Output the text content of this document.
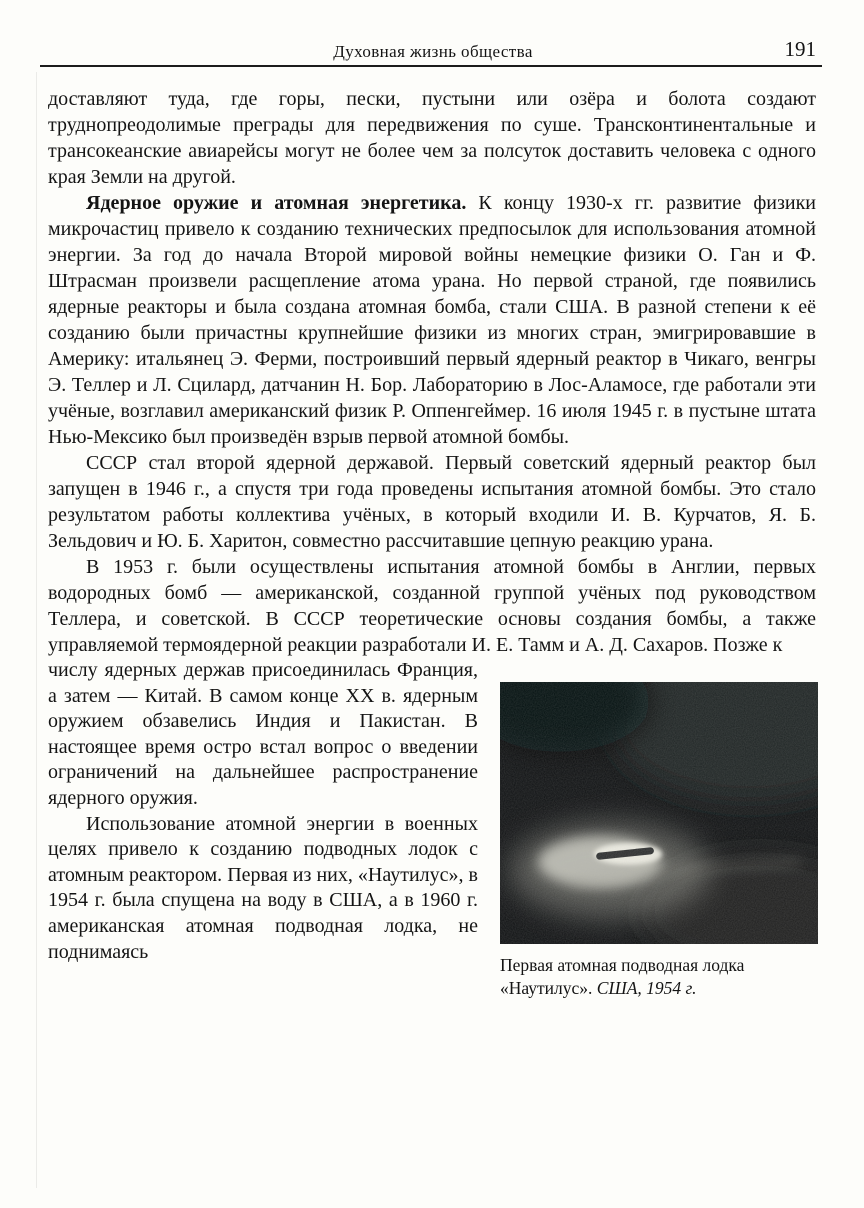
Духовная жизнь общества	191

доставляют туда, где горы, пески, пустыни или озёра и болота создают труднопреодолимые преграды для передвижения по суше. Трансконтинентальные и трансокеанские авиарейсы могут не более чем за полсуток доставить человека с одного края Земли на другой.

Ядерное оружие и атомная энергетика. К концу 1930-х гг. развитие физики микрочастиц привело к созданию технических предпосылок для использования атомной энергии. За год до начала Второй мировой войны немецкие физики О. Ган и Ф. Штрасман произвели расщепление атома урана. Но первой страной, где появились ядерные реакторы и была создана атомная бомба, стали США. В разной степени к её созданию были причастны крупнейшие физики из многих стран, эмигрировавшие в Америку: итальянец Э. Ферми, построивший первый ядерный реактор в Чикаго, венгры Э. Теллер и Л. Сцилард, датчанин Н. Бор. Лабораторию в Лос-Аламосе, где работали эти учёные, возглавил американский физик Р. Оппенгеймер. 16 июля 1945 г. в пустыне штата Нью-Мексико был произведён взрыв первой атомной бомбы.

СССР стал второй ядерной державой. Первый советский ядерный реактор был запущен в 1946 г., а спустя три года проведены испытания атомной бомбы. Это стало результатом работы коллектива учёных, в который входили И. В. Курчатов, Я. Б. Зельдович и Ю. Б. Харитон, совместно рассчитавшие цепную реакцию урана.

В 1953 г. были осуществлены испытания атомной бомбы в Англии, первых водородных бомб — американской, созданной группой учёных под руководством Теллера, и советской. В СССР теоретические основы создания бомбы, а также управляемой термоядерной реакции разработали И. Е. Тамм и А. Д. Сахаров. Позже к

числу ядерных держав присоединилась Франция, а затем — Китай. В самом конце XX в. ядерным оружием обзавелись Индия и Пакистан. В настоящее время остро встал вопрос о введении ограничений на дальнейшее распространение ядерного оружия.

Использование атомной энергии в военных целях привело к созданию подводных лодок с атомным реактором. Первая из них, «Наутилус», в 1954 г. была спущена на воду в США, а в 1960 г. американская атомная подводная лодка, не поднимаясь

Первая атомная подводная лодка «Наутилус». США, 1954 г.
